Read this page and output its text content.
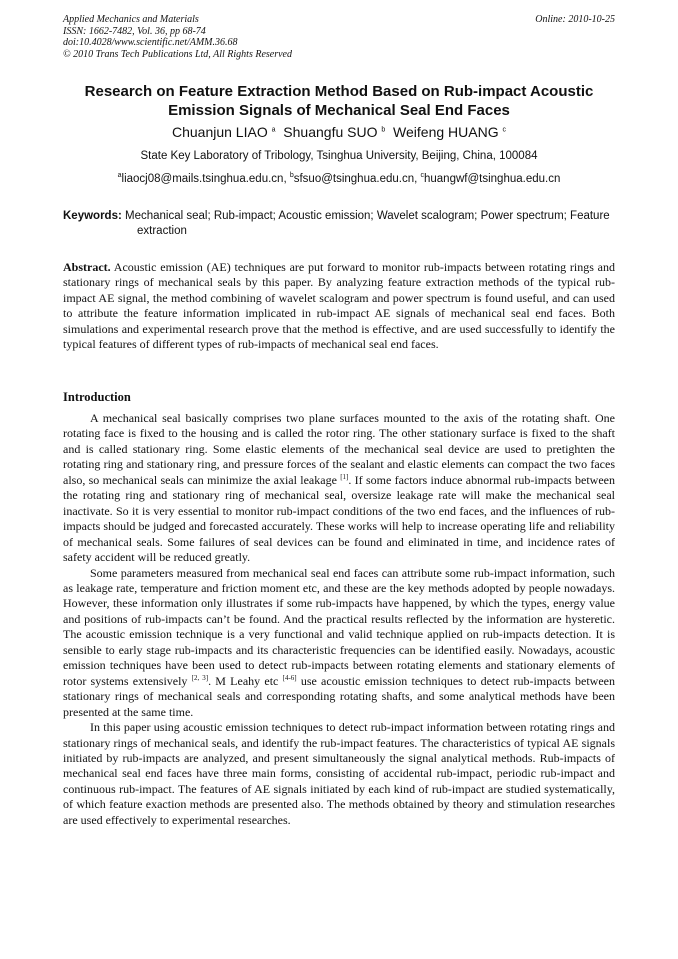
Applied Mechanics and Materials
ISSN: 1662-7482, Vol. 36, pp 68-74
doi:10.4028/www.scientific.net/AMM.36.68
© 2010 Trans Tech Publications Ltd, All Rights Reserved
Online: 2010-10-25
Research on Feature Extraction Method Based on Rub-impact Acoustic Emission Signals of Mechanical Seal End Faces
Chuanjun LIAO $^a$ Shuangfu SUO $^b$ Weifeng HUANG $^c$
State Key Laboratory of Tribology, Tsinghua University, Beijing, China, 100084
$^a$liaocj08@mails.tsinghua.edu.cn, $^b$sfsuo@tsinghua.edu.cn, $^c$huangwf@tsinghua.edu.cn
Keywords: Mechanical seal; Rub-impact; Acoustic emission; Wavelet scalogram; Power spectrum; Feature extraction
Abstract. Acoustic emission (AE) techniques are put forward to monitor rub-impacts between rotating rings and stationary rings of mechanical seals by this paper. By analyzing feature extraction methods of the typical rub-impact AE signal, the method combining of wavelet scalogram and power spectrum is found useful, and can used to attribute the feature information implicated in rub-impact AE signals of mechanical seal end faces. Both simulations and experimental research prove that the method is effective, and are used successfully to identify the typical features of different types of rub-impacts of mechanical seal end faces.
Introduction

A mechanical seal basically comprises two plane surfaces mounted to the axis of the rotating shaft. One rotating face is fixed to the housing and is called the rotor ring. The other stationary surface is fixed to the shaft and is called stationary ring. Some elastic elements of the mechanical seal device are used to pretighten the rotating ring and stationary ring, and pressure forces of the sealant and elastic elements can compact the two faces also, so mechanical seals can minimize the axial leakage [1]. If some factors induce abnormal rub-impacts between the rotating ring and stationary ring of mechanical seal, oversize leakage rate will make the mechanical seal inactivate. So it is very essential to monitor rub-impact conditions of the two end faces, and the influences of rub-impacts should be judged and forecasted accurately. These works will help to increase operating life and reliability of mechanical seals. Some failures of seal devices can be found and eliminated in time, and incidence rates of safety accident will be reduced greatly.

Some parameters measured from mechanical seal end faces can attribute some rub-impact information, such as leakage rate, temperature and friction moment etc, and these are the key methods adopted by people nowadays. However, these information only illustrates if some rub-impacts have happened, by which the types, energy value and positions of rub-impacts can’t be found. And the practical results reflected by the information are hysteretic. The acoustic emission technique is a very functional and valid technique applied on rub-impacts detection. It is sensible to early stage rub-impacts and its characteristic frequencies can be identified easily. Nowadays, acoustic emission techniques have been used to detect rub-impacts between rotating elements and stationary elements of rotor systems extensively [2, 3]. M Leahy etc [4-6] use acoustic emission techniques to detect rub-impacts between stationary rings of mechanical seals and corresponding rotating shafts, and some analytical methods have been presented at the same time.

In this paper using acoustic emission techniques to detect rub-impact information between rotating rings and stationary rings of mechanical seals, and identify the rub-impact features. The characteristics of typical AE signals initiated by rub-impacts are analyzed, and present simultaneously the signal analytical methods. Rub-impacts of mechanical seal end faces have three main forms, consisting of accidental rub-impact, periodic rub-impact and continuous rub-impact. The features of AE signals initiated by each kind of rub-impact are studied systematically, of which feature exaction methods are presented also. The methods obtained by theory and stimulation researches are used effectively to experimental researches.
